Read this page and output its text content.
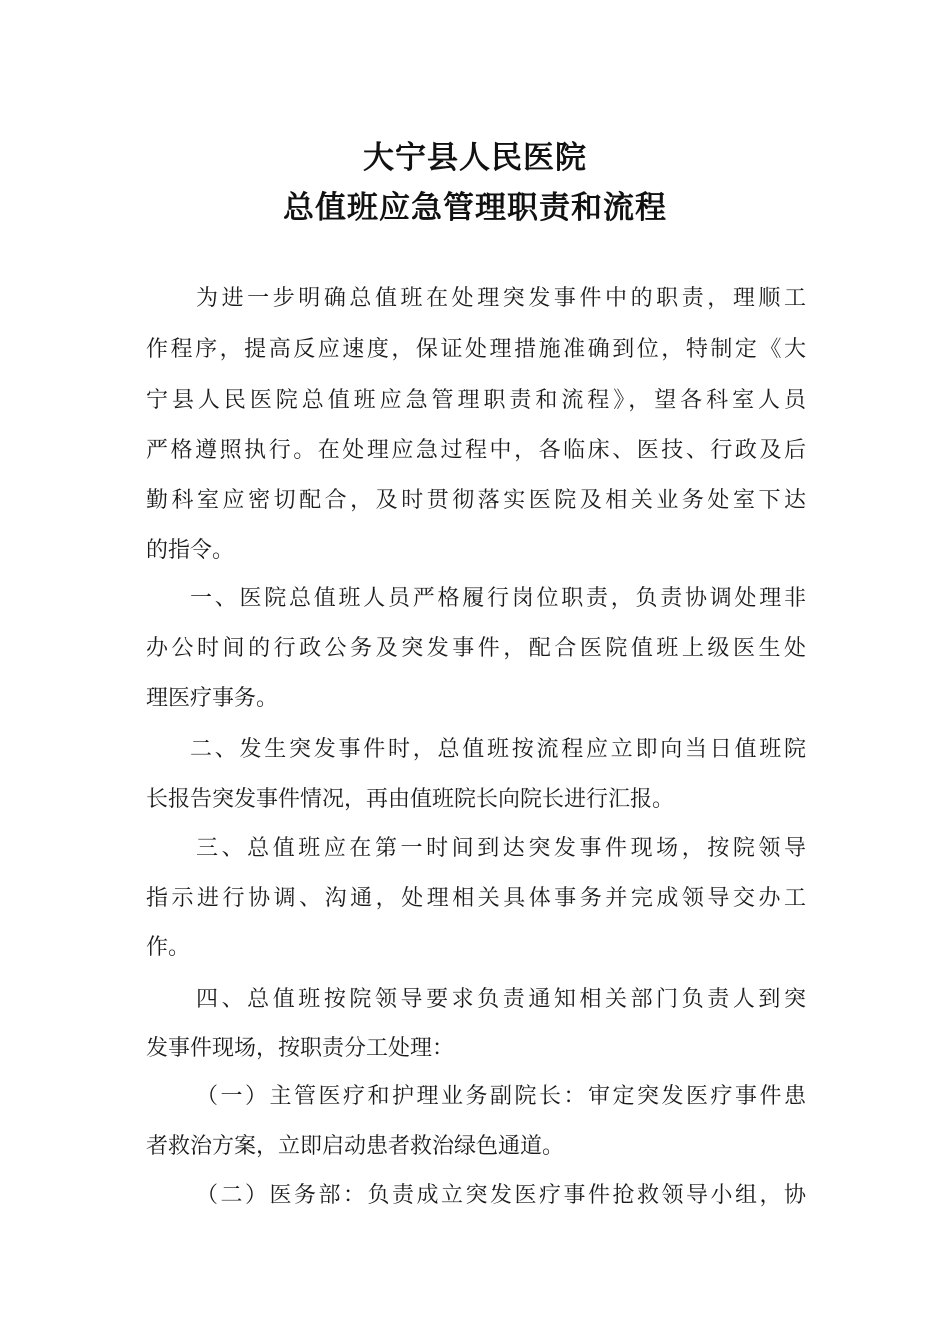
大宁县人民医院
总值班应急管理职责和流程
为进一步明确总值班在处理突发事件中的职责，理顺工
作程序，提高反应速度，保证处理措施准确到位，特制定《大
宁县人民医院总值班应急管理职责和流程》，望各科室人员
严格遵照执行。在处理应急过程中，各临床、医技、行政及后
勤科室应密切配合，及时贯彻落实医院及相关业务处室下达
的指令。
一、医院总值班人员严格履行岗位职责，负责协调处理非
办公时间的行政公务及突发事件，配合医院值班上级医生处
理医疗事务。
二、发生突发事件时，总值班按流程应立即向当日值班院
长报告突发事件情况，再由值班院长向院长进行汇报。
三、总值班应在第一时间到达突发事件现场，按院领导
指示进行协调、沟通，处理相关具体事务并完成领导交办工
作。
四、总值班按院领导要求负责通知相关部门负责人到突
发事件现场，按职责分工处理：
（一）主管医疗和护理业务副院长：审定突发医疗事件患
者救治方案，立即启动患者救治绿色通道。
（二）医务部：负责成立突发医疗事件抢救领导小组，协
